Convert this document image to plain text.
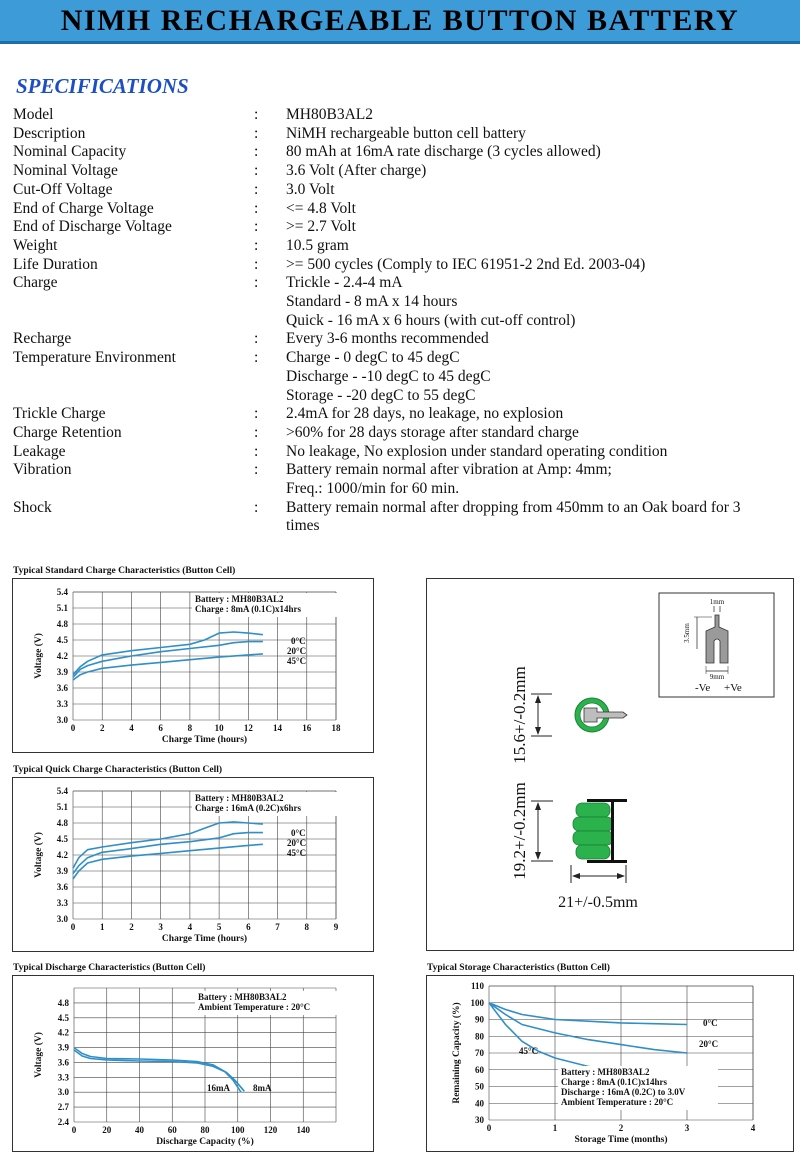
NIMH RECHARGEABLE BUTTON BATTERY
SPECIFICATIONS
Model	:	MH80B3AL2
Description	:	NiMH rechargeable button cell battery
Nominal Capacity	:	80 mAh at 16mA rate discharge (3 cycles allowed)
Nominal Voltage	:	3.6 Volt (After charge)
Cut-Off Voltage	:	3.0 Volt
End of Charge Voltage	:	<= 4.8 Volt
End of Discharge Voltage	:	>= 2.7 Volt
Weight	:	10.5 gram
Life Duration	:	>= 500 cycles (Comply to IEC 61951-2 2nd Ed. 2003-04)
Charge	:	Trickle - 2.4-4 mA
Standard - 8 mA x 14 hours
Quick - 16 mA x 6 hours (with cut-off control)
Recharge	:	Every 3-6 months recommended
Temperature Environment	:	Charge - 0 degC to 45 degC
Discharge - -10 degC to 45 degC
Storage - -20 degC to 55 degC
Trickle Charge	:	2.4mA for 28 days, no leakage, no explosion
Charge Retention	:	>60% for 28 days storage after standard charge
Leakage	:	No leakage, No explosion under standard operating condition
Vibration	:	Battery remain normal after vibration at Amp: 4mm;
Freq.: 1000/min for 60 min.
Shock	:	Battery remain normal after dropping from 450mm to an Oak board for 3
times
Typical Standard Charge Characteristics (Button Cell)
Typical Quick Charge Characteristics (Button Cell)
Typical Discharge Characteristics (Button Cell)	Typical Storage Characteristics (Button Cell)
0	2	4	6	8 10 12 14 16 18
3.0
3.3
3.6
3.9
4.2
4.5
4.8
5.1
5.4
Charge Time (hours)
Voltage (V)	0°C
20°C
45°C
Battery : MH80B3AL2
Charge : 8mA (0.1C)x14hrs
0	1	2	3	4	5	6	7	8	9
3.0
3.3
3.6
3.9
4.2
4.5
4.8
5.1
5.4
Charge Time (hours)
Voltage (V)	0°C
20°C
45°C
Battery : MH80B3AL2
Charge : 16mA (0.2C)x6hrs
0	20	40	60	80 100 120 140
2.4
2.7
3.0
3.3
3.6
3.9
4.2
4.5
4.8
Discharge Capacity (%)
Voltage (V)
16mA	8mA
Battery : MH80B3AL2
Ambient Temperature : 20°C
0	1	2	3	4
30
40
50
60
70
80
90
100
110
Storage Time (months)
Remaining Capacity (%)	0°C
20°C
45°C
Battery : MH80B3AL2
Charge : 8mA (0.1C)x14hrs
Discharge : 16mA (0.2C) to 3.0V
Ambient Temperature : 20°C
1mm
3.5mm
9mm
-Ve +Ve
15.6+/-0.2mm
19.2+/-0.2mm
21+/-0.5mm
